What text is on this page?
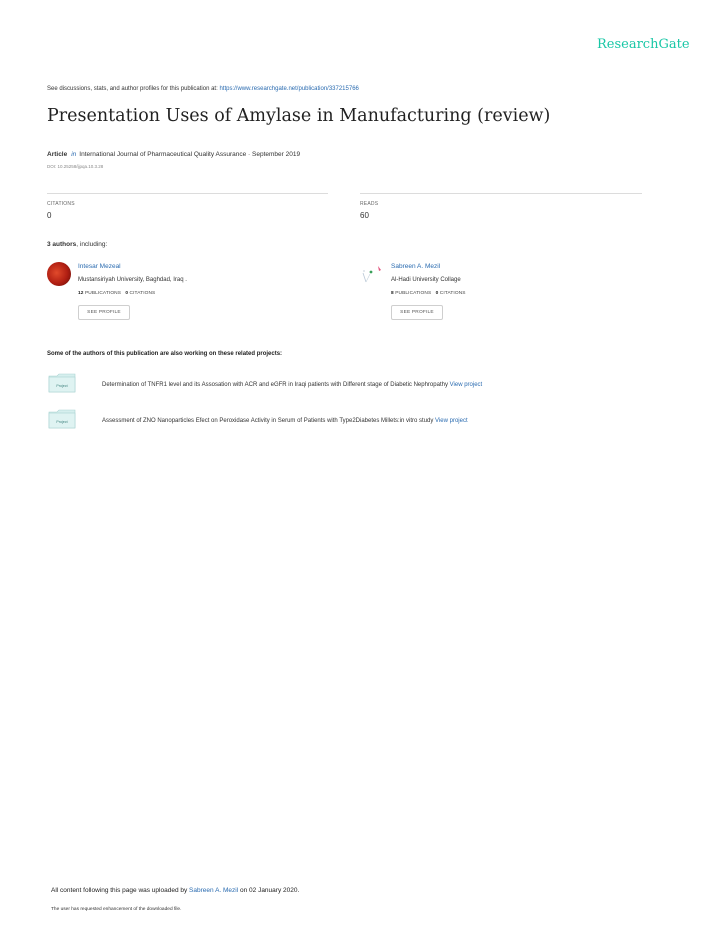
ResearchGate
See discussions, stats, and author profiles for this publication at: https://www.researchgate.net/publication/337215766
Presentation Uses of Amylase in Manufacturing (review)
Article in International Journal of Pharmaceutical Quality Assurance · September 2019
DOI: 10.25258/ijpqa.10.3.28
CITATIONS
0
READS
60
3 authors, including:
Intesar Mezeal
Mustansiriyah University, Baghdad, Iraq .
12 PUBLICATIONS 0 CITATIONS
SEE PROFILE
Sabreen A. Mezil
Al-Hadi University Collage
8 PUBLICATIONS 0 CITATIONS
SEE PROFILE
Some of the authors of this publication are also working on these related projects:
Project	Determination of TNFR1 level and its Assosation with ACR and eGFR in Iraqi patients with Different stage of Diabetic Nephropathy View project
Project	Assessment of ZNO Nanoparticles Efect on Peroxidase Activity in Serum of Patients with Type2Diabetes Millets:in vitro study View project
All content following this page was uploaded by Sabreen A. Mezil on 02 January 2020.
The user has requested enhancement of the downloaded file.
